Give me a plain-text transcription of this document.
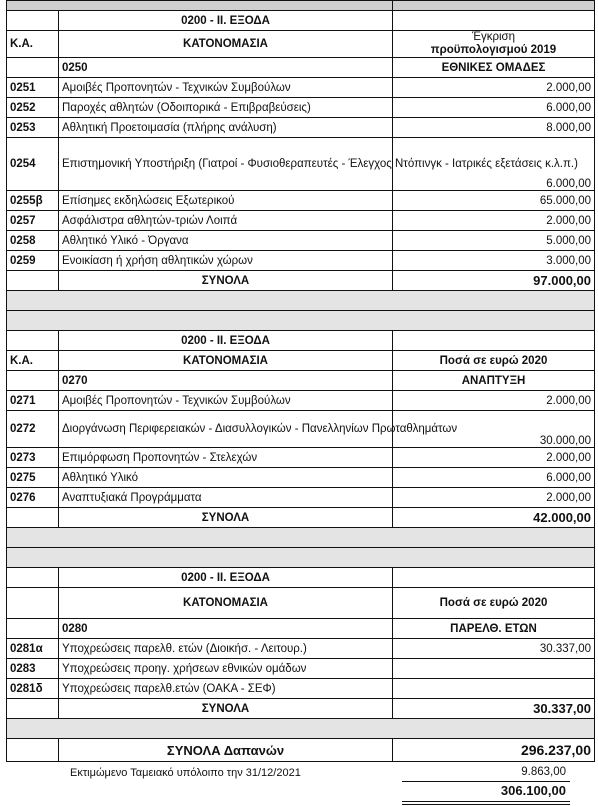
	0200 - II. ΕΞΟΔΑ	
Κ.Α.	ΚΑΤΟΝΟΜΑΣΙΑ	Έγκριση
προϋπολογισμού 2019

	0250	ΕΘΝΙΚΕΣ ΟΜΑΔΕΣ
0251	Αμοιβές Προπονητών - Τεχνικών Συμβούλων	2.000,00
0252	Παροχές αθλητών (Οδοιπορικά - Επιβραβεύσεις)	6.000,00
0253	Αθλητική Προετοιμασία (πλήρης ανάλυση)	8.000,00
0254	Επιστημονική Υποστήριξη (Γιατροί - Φυσιοθεραπευτές - Έλεγχος Ντόπινγκ - Ιατρικές εξετάσεις κ.λ.π.)	6.000,00
0255β	Επίσημες εκδηλώσεις Εξωτερικού	65.000,00
0257	Ασφάλιστρα αθλητών-τριών Λοιπά	2.000,00
0258	Αθλητικό Υλικό - Όργανα	5.000,00
0259	Ενοικίαση ή χρήση αθλητικών χώρων	3.000,00
	ΣΥΝΟΛΑ	97.000,00

	0200 - II. ΕΞΟΔΑ	
Κ.Α.	ΚΑΤΟΝΟΜΑΣΙΑ	Ποσά σε ευρώ 2020
	0270	ΑΝΑΠΤΥΞΗ
0271	Αμοιβές Προπονητών - Τεχνικών Συμβούλων	2.000,00
0272	Διοργάνωση Περιφερειακών - Διασυλλογικών - Πανελληνίων Πρωταθλημάτων	30.000,00
0273	Επιμόρφωση Προπονητών - Στελεχών	2.000,00
0275	Αθλητικό Υλικό	6.000,00
0276	Αναπτυξιακά Προγράμματα	2.000,00
	ΣΥΝΟΛΑ	42.000,00

	0200 - II. ΕΞΟΔΑ	
	ΚΑΤΟΝΟΜΑΣΙΑ	Ποσά σε ευρώ 2020
	0280	ΠΑΡΕΛΘ. ΕΤΩΝ
0281α	Υποχρεώσεις παρελθ. ετών (Διοικήσ. - Λειτουρ.)	30.337,00
0283	Υποχρεώσεις προηγ. χρήσεων εθνικών ομάδων	
0281δ	Υποχρεώσεις παρελθ.ετών (ΟΑΚΑ - ΣΕΦ)	
	ΣΥΝΟΛΑ	30.337,00

	ΣΥΝΟΛΑ Δαπανών	296.237,00
Εκτιμώμενο Ταμειακό υπόλοιπο την 31/12/2021	9.863,00
306.100,00
